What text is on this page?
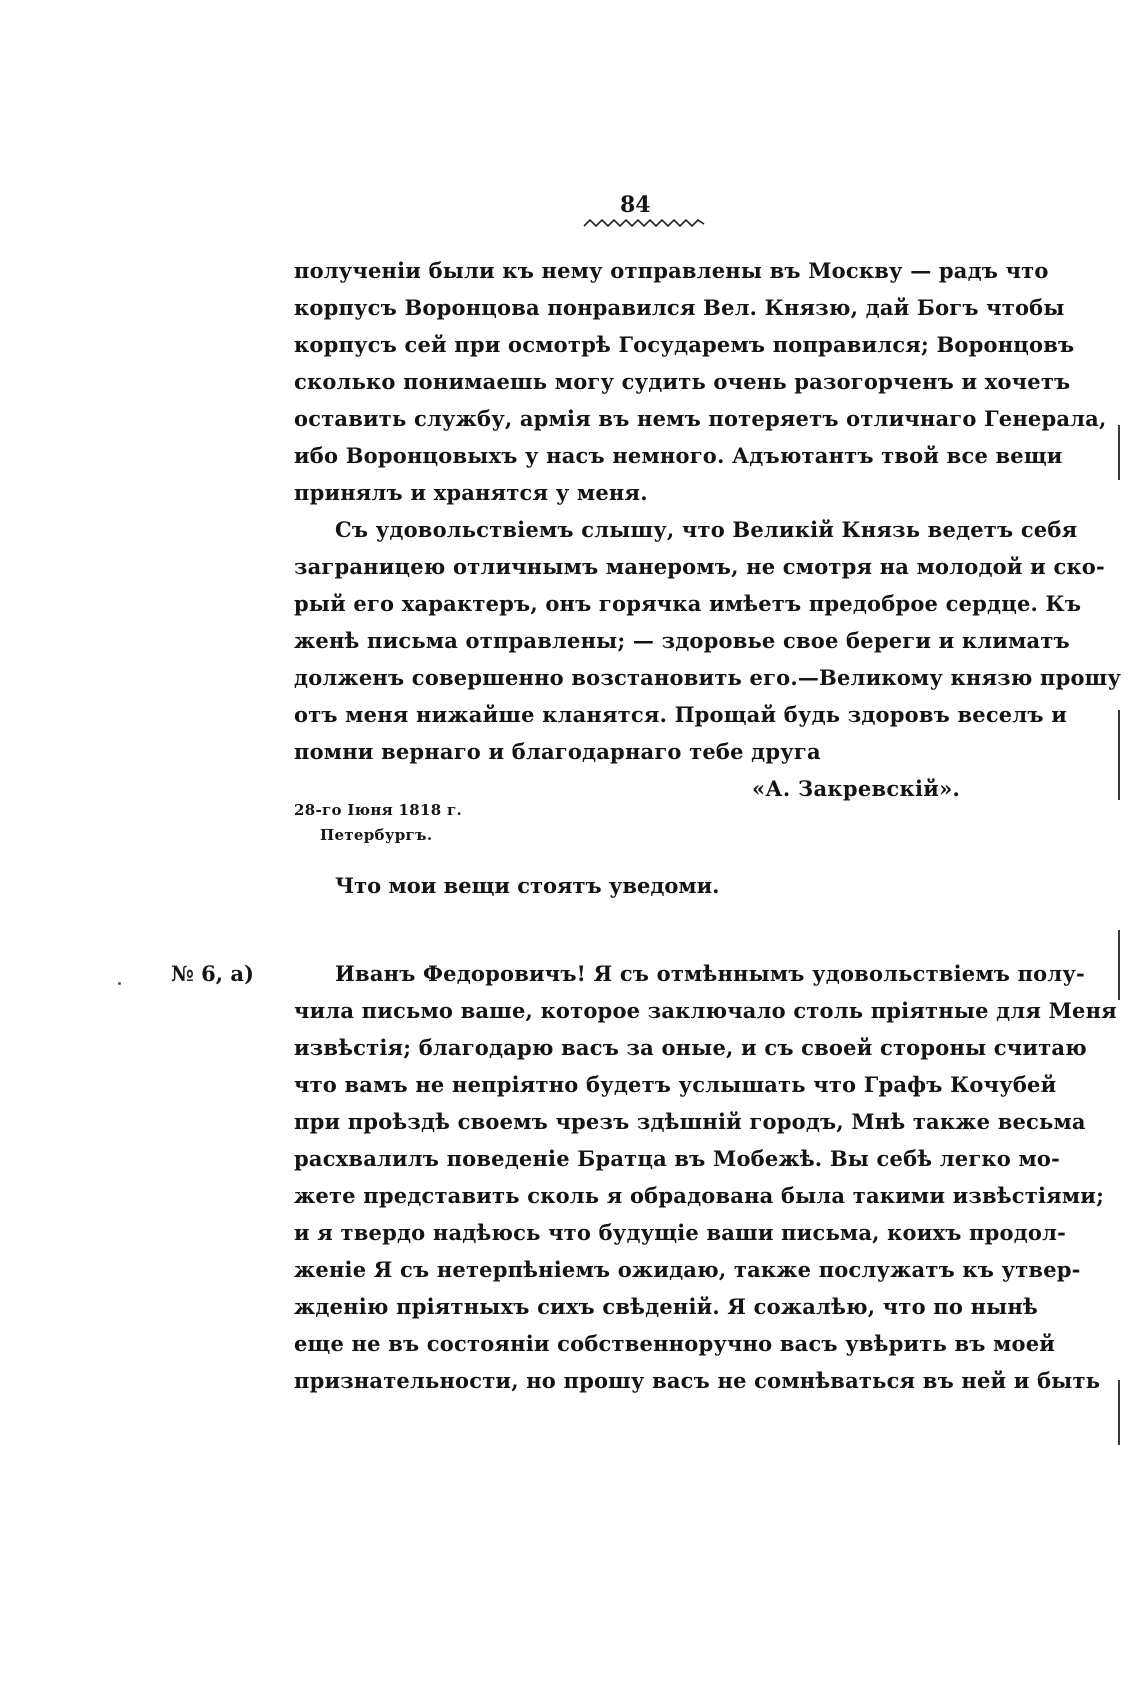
84
полученіи были къ нему отправлены въ Москву — радъ что
корпусъ Воронцова понравился Вел. Князю, дай Богъ чтобы
корпусъ сей при осмотрѣ Государемъ поправился; Воронцовъ
сколько понимаешь могу судить очень разогорченъ и хочетъ
оставить службу, армія въ немъ потеряетъ отличнаго Генерала,
ибо Воронцовыхъ у насъ немного. Адъютантъ твой все вещи
принялъ и хранятся у меня.
Съ удовольствіемъ слышу, что Великій Князь ведетъ себя
заграницею отличнымъ манеромъ, не смотря на молодой и ско-
рый его характеръ, онъ горячка имѣетъ предоброе сердце. Къ
женѣ письма отправлены; — здоровье свое береги и климатъ
долженъ совершенно возстановить его.—Великому князю прошу
отъ меня нижайше кланятся. Прощай будь здоровъ веселъ и
помни вернаго и благодарнаго тебе друга
«А. Закревскій».
28-го Іюня 1818 г.
Петербургъ.
Что мои вещи стоятъ уведоми.
№ 6, а)	Иванъ Федоровичъ! Я съ отмѣннымъ удовольствіемъ полу-
чила письмо ваше, которое заключало столь пріятные для Меня
извѣстія; благодарю васъ за оные, и съ своей стороны считаю
что вамъ не непріятно будетъ услышать что Графъ Кочубей
при проѣздѣ своемъ чрезъ здѣшній городъ, Мнѣ также весьма
расхвалилъ поведеніе Братца въ Мобежѣ. Вы себѣ легко мо-
жете представить сколь я обрадована была такими извѣстіями;
и я твердо надѣюсь что будущіе ваши письма, коихъ продол-
женіе Я съ нетерпѣніемъ ожидаю, также послужатъ къ утвер-
жденію пріятныхъ сихъ свѣденій. Я сожалѣю, что по нынѣ
еще не въ состояніи собственноручно васъ увѣрить въ моей
признательности, но прошу васъ не сомнѣваться въ ней и быть
